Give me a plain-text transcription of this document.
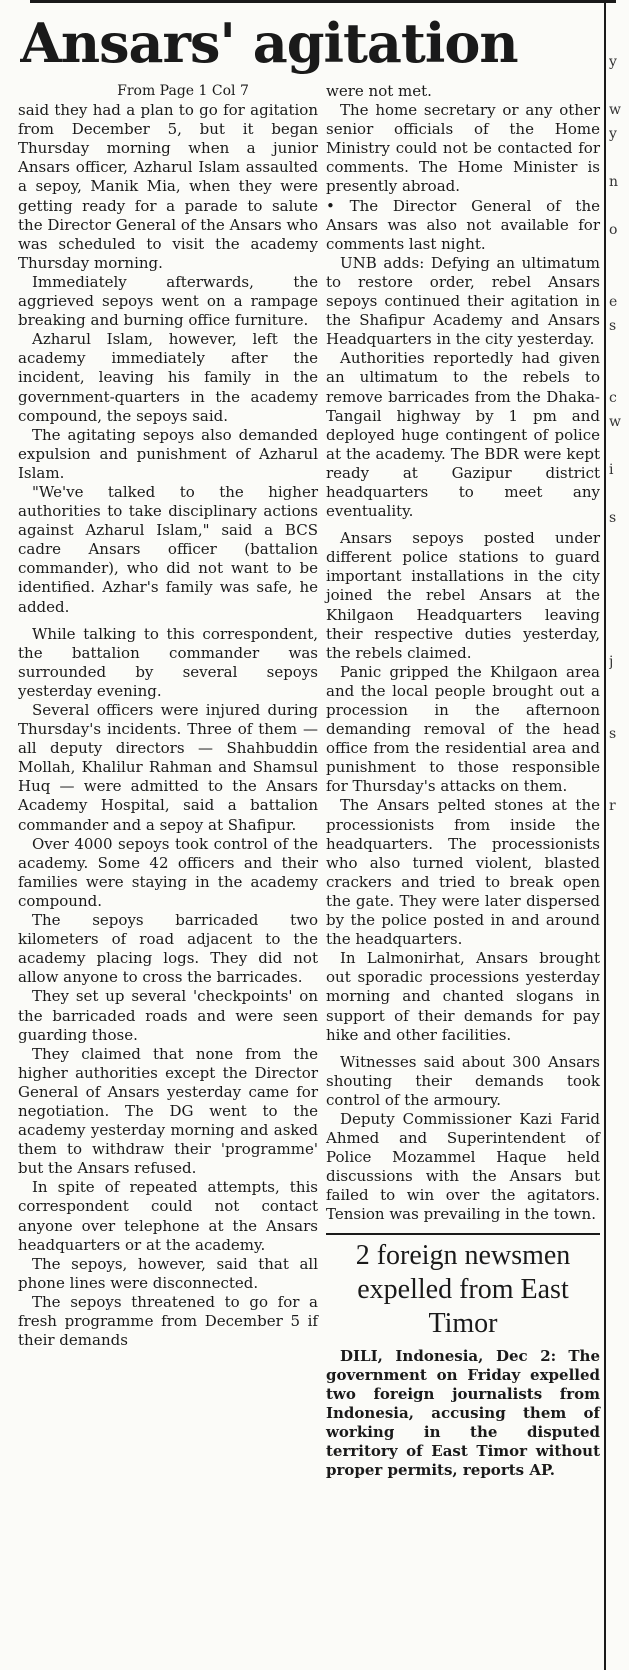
Ansars' agitation
From Page 1 Col 7

said they had a plan to go for agitation from December 5, but it began Thursday morning when a junior Ansars officer, Azharul Islam assaulted a sepoy, Manik Mia, when they were getting ready for a parade to salute the Director General of the Ansars who was scheduled to visit the academy Thursday morning.

Immediately afterwards, the aggrieved sepoys went on a rampage breaking and burning office furniture.

Azharul Islam, however, left the academy immediately after the incident, leaving his family in the government-quarters in the academy compound, the sepoys said.

The agitating sepoys also demanded expulsion and punishment of Azharul Islam.

"We've talked to the higher authorities to take disciplinary actions against Azharul Islam," said a BCS cadre Ansars officer (battalion commander), who did not want to be identified. Azhar's family was safe, he added.

While talking to this correspondent, the battalion commander was surrounded by several sepoys yesterday evening.

Several officers were injured during Thursday's incidents. Three of them — all deputy directors — Shahbuddin Mollah, Khalilur Rahman and Shamsul Huq — were admitted to the Ansars Academy Hospital, said a battalion commander and a sepoy at Shafipur.

Over 4000 sepoys took control of the academy. Some 42 officers and their families were staying in the academy compound.

The sepoys barricaded two kilometers of road adjacent to the academy placing logs. They did not allow anyone to cross the barricades.

They set up several 'checkpoints' on the barricaded roads and were seen guarding those.

They claimed that none from the higher authorities except the Director General of Ansars yesterday came for negotiation. The DG went to the academy yesterday morning and asked them to withdraw their 'programme' but the Ansars refused.

In spite of repeated attempts, this correspondent could not contact anyone over telephone at the Ansars headquarters or at the academy.

The sepoys, however, said that all phone lines were disconnected.

The sepoys threatened to go for a fresh programme from December 5 if their demands

were not met.

The home secretary or any other senior officials of the Home Ministry could not be contacted for comments. The Home Minister is presently abroad.

• The Director General of the Ansars was also not available for comments last night.

UNB adds: Defying an ultimatum to restore order, rebel Ansars sepoys continued their agitation in the Shafipur Academy and Ansars Headquarters in the city yesterday.

Authorities reportedly had given an ultimatum to the rebels to remove barricades from the Dhaka-Tangail highway by 1 pm and deployed huge contingent of police at the academy. The BDR were kept ready at Gazipur district headquarters to meet any eventuality.

Ansars sepoys posted under different police stations to guard important installations in the city joined the rebel Ansars at the Khilgaon Headquarters leaving their respective duties yesterday, the rebels claimed.

Panic gripped the Khilgaon area and the local people brought out a procession in the afternoon demanding removal of the head office from the residential area and punishment to those responsible for Thursday's attacks on them.

The Ansars pelted stones at the processionists from inside the headquarters. The processionists who also turned violent, blasted crackers and tried to break open the gate. They were later dispersed by the police posted in and around the headquarters.

In Lalmonirhat, Ansars brought out sporadic processions yesterday morning and chanted slogans in support of their demands for pay hike and other facilities.

Witnesses said about 300 Ansars shouting their demands took control of the armoury.

Deputy Commissioner Kazi Farid Ahmed and Superintendent of Police Mozammel Haque held discussions with the Ansars but failed to win over the agitators. Tension was prevailing in the town.

2 foreign newsmen expelled from East Timor

DILI, Indonesia, Dec 2: The government on Friday expelled two foreign journalists from Indonesia, accusing them of working in the disputed territory of East Timor without proper permits, reports AP.

y
w
y
n
o
e
s
c
w
i
s
j
s
r
